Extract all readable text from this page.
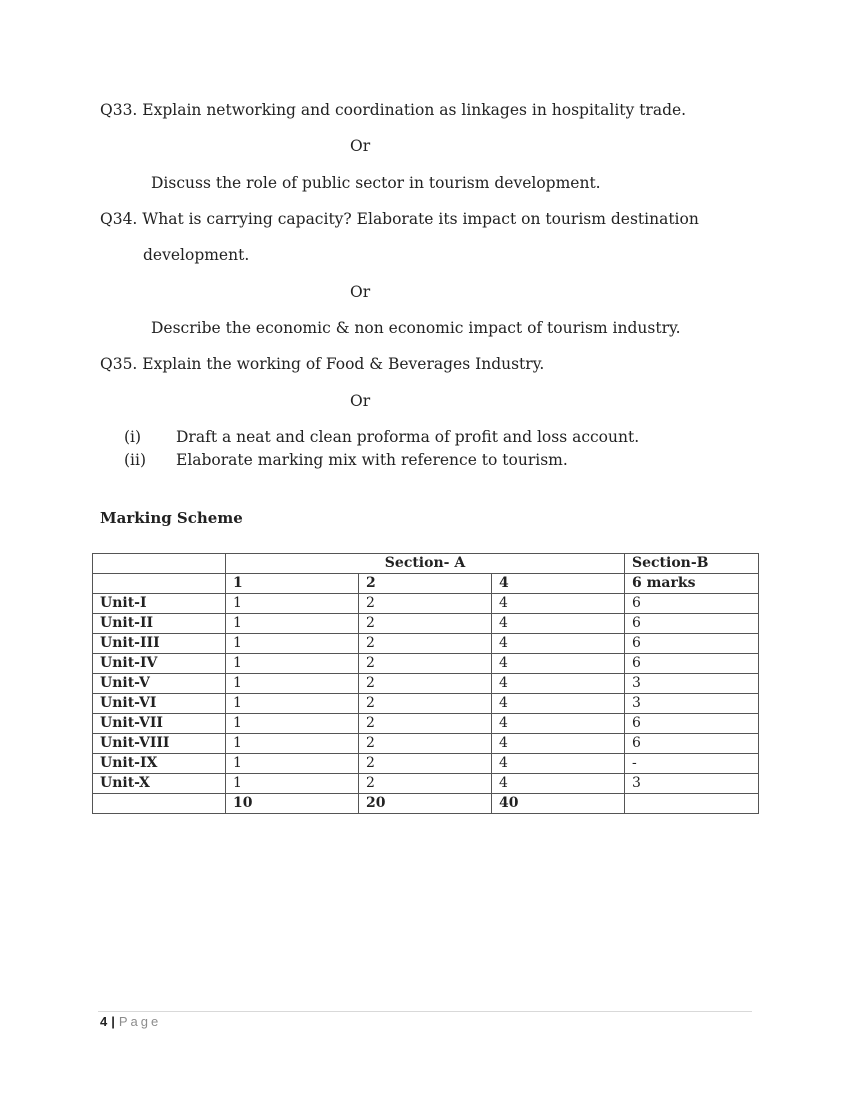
Q33. Explain networking and coordination as linkages in hospitality trade.
Or
Discuss the role of public sector in tourism development.
Q34. What is carrying capacity? Elaborate its impact on tourism destination
development.
Or
Describe the economic & non economic impact of tourism industry.
Q35. Explain the working of Food & Beverages Industry.
Or
(i) Draft a neat and clean proforma of profit and loss account.
(ii) Elaborate marking mix with reference to tourism.
Marking Scheme
	Section- A			Section-B
	1	2	4	6 marks
Unit-I	1	2	4	6
Unit-II	1	2	4	6
Unit-III	1	2	4	6
Unit-IV	1	2	4	6
Unit-V	1	2	4	3
Unit-VI	1	2	4	3
Unit-VII	1	2	4	6
Unit-VIII	1	2	4	6
Unit-IX	1	2	4	-
Unit-X	1	2	4	3
	10	20	40	
4 | Page
